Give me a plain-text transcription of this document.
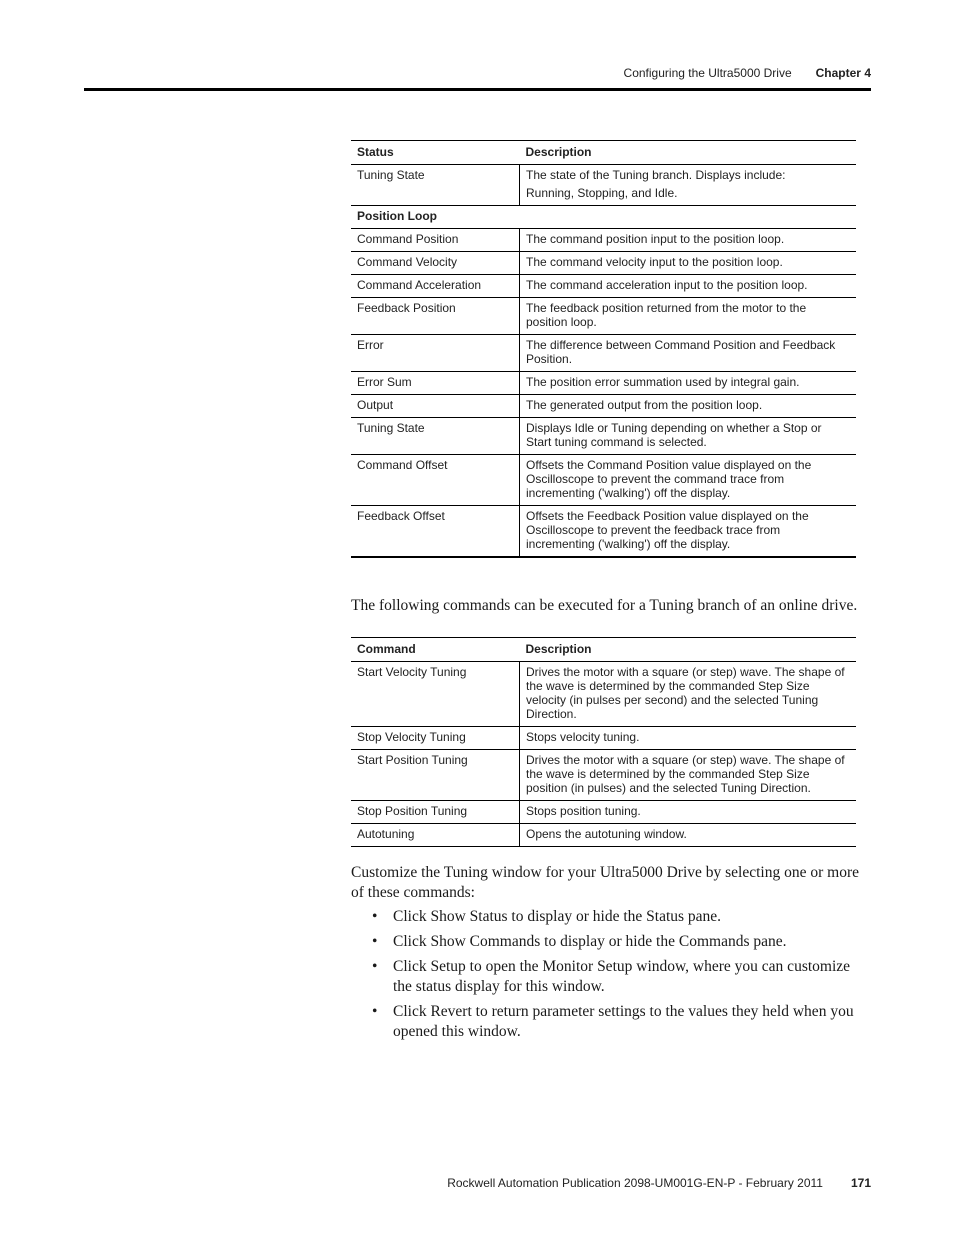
Configuring the Ultra5000 Drive Chapter 4
Status	Description
Tuning State	The state of the Tuning branch. Displays include:
Running, Stopping, and Idle.

Position Loop	
Command Position	The command position input to the position loop.
Command Velocity	The command velocity input to the position loop.
Command Acceleration	The command acceleration input to the position loop.
Feedback Position	The feedback position returned from the motor to the position loop.
Error	The difference between Command Position and Feedback Position.
Error Sum	The position error summation used by integral gain.
Output	The generated output from the position loop.
Tuning State	Displays Idle or Tuning depending on whether a Stop or Start tuning command is selected.
Command Offset	Offsets the Command Position value displayed on the Oscilloscope to prevent the command trace from incrementing ('walking') off the display.
Feedback Offset	Offsets the Feedback Position value displayed on the Oscilloscope to prevent the feedback trace from incrementing ('walking') off the display.
The following commands can be executed for a Tuning branch of an online drive.
Command	Description
Start Velocity Tuning	Drives the motor with a square (or step) wave. The shape of the wave is determined by the commanded Step Size velocity (in pulses per second) and the selected Tuning Direction.
Stop Velocity Tuning	Stops velocity tuning.
Start Position Tuning	Drives the motor with a square (or step) wave. The shape of the wave is determined by the commanded Step Size position (in pulses) and the selected Tuning Direction.
Stop Position Tuning	Stops position tuning.
Autotuning	Opens the autotuning window.
Customize the Tuning window for your Ultra5000 Drive by selecting one or more of these commands:
• Click Show Status to display or hide the Status pane.
• Click Show Commands to display or hide the Commands pane.
• Click Setup to open the Monitor Setup window, where you can customize the status display for this window.
• Click Revert to return parameter settings to the values they held when you opened this window.
Rockwell Automation Publication 2098-UM001G-EN-P - February 2011 171
